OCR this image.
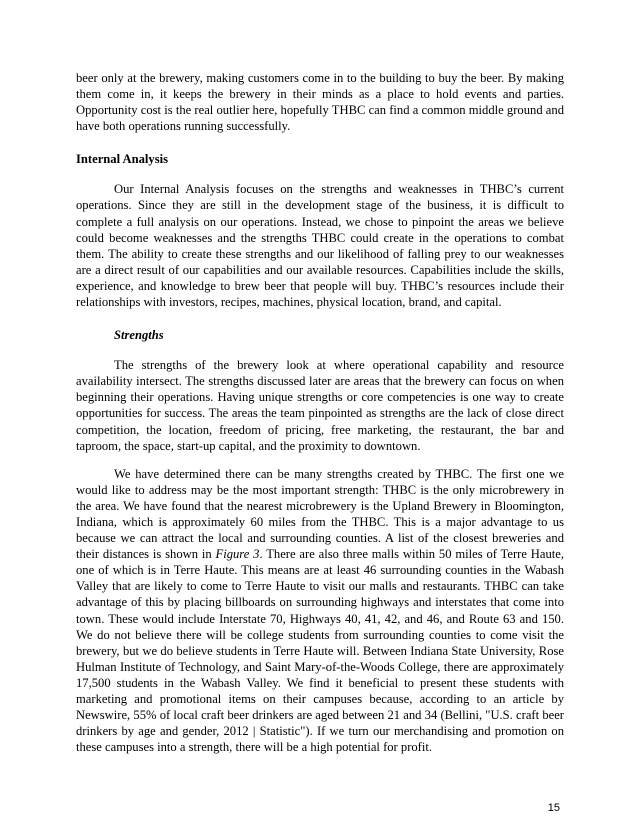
beer only at the brewery, making customers come in to the building to buy the beer. By making them come in, it keeps the brewery in their minds as a place to hold events and parties. Opportunity cost is the real outlier here, hopefully THBC can find a common middle ground and have both operations running successfully.

Internal Analysis

Our Internal Analysis focuses on the strengths and weaknesses in THBC’s current operations. Since they are still in the development stage of the business, it is difficult to complete a full analysis on our operations. Instead, we chose to pinpoint the areas we believe could become weaknesses and the strengths THBC could create in the operations to combat them. The ability to create these strengths and our likelihood of falling prey to our weaknesses are a direct result of our capabilities and our available resources. Capabilities include the skills, experience, and knowledge to brew beer that people will buy. THBC’s resources include their relationships with investors, recipes, machines, physical location, brand, and capital.

Strengths

The strengths of the brewery look at where operational capability and resource availability intersect. The strengths discussed later are areas that the brewery can focus on when beginning their operations. Having unique strengths or core competencies is one way to create opportunities for success. The areas the team pinpointed as strengths are the lack of close direct competition, the location, freedom of pricing, free marketing, the restaurant, the bar and taproom, the space, start-up capital, and the proximity to downtown.

We have determined there can be many strengths created by THBC. The first one we would like to address may be the most important strength: THBC is the only microbrewery in the area. We have found that the nearest microbrewery is the Upland Brewery in Bloomington, Indiana, which is approximately 60 miles from the THBC. This is a major advantage to us because we can attract the local and surrounding counties. A list of the closest breweries and their distances is shown in Figure 3. There are also three malls within 50 miles of Terre Haute, one of which is in Terre Haute. This means are at least 46 surrounding counties in the Wabash Valley that are likely to come to Terre Haute to visit our malls and restaurants. THBC can take advantage of this by placing billboards on surrounding highways and interstates that come into town. These would include Interstate 70, Highways 40, 41, 42, and 46, and Route 63 and 150. We do not believe there will be college students from surrounding counties to come visit the brewery, but we do believe students in Terre Haute will. Between Indiana State University, Rose Hulman Institute of Technology, and Saint Mary-of-the-Woods College, there are approximately 17,500 students in the Wabash Valley. We find it beneficial to present these students with marketing and promotional items on their campuses because, according to an article by Newswire, 55% of local craft beer drinkers are aged between 21 and 34 (Bellini, "U.S. craft beer drinkers by age and gender, 2012 | Statistic"). If we turn our merchandising and promotion on these campuses into a strength, there will be a high potential for profit.

15
